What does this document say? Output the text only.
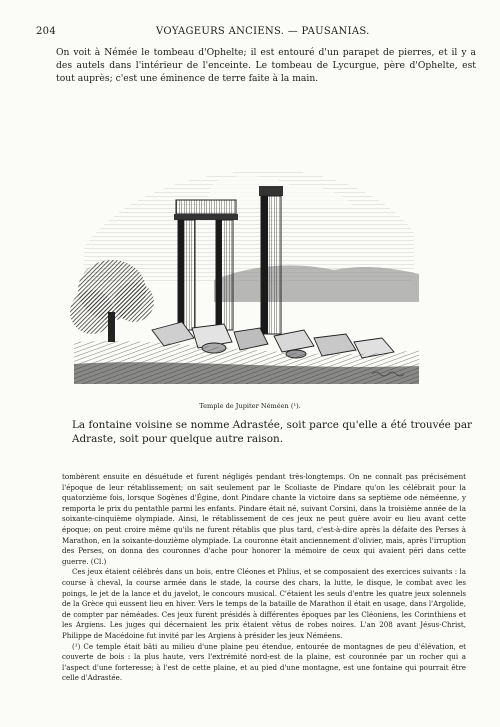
204	VOYAGEURS ANCIENS. — PAUSANIAS.
On voit à Némée le tombeau d'Ophelte; il est entouré d'un parapet de pierres, et il y a des autels dans l'intérieur de l'enceinte. Le tombeau de Lycurgue, père d'Ophelte, est tout auprès; c'est une éminence de terre faite à la main.
Temple de Jupiter Néméen (¹).
La fontaine voisine se nomme Adrastée, soit parce qu'elle a été trouvée par Adraste, soit pour quelque autre raison.

tombèrent ensuite en désuétude et furent négligés pendant très-longtemps. On ne connaît pas précisément l'époque de leur rétablissement; on sait seulement par le Scoliaste de Pindare qu'on les célébrait pour la quatorzième fois, lorsque Sogènes d'Égine, dont Pindare chante la victoire dans sa septième ode néméenne, y remporta le prix du pentathle parmi les enfants. Pindare était né, suivant Corsini, dans la troisième année de la soixante-cinquième olympiade. Ainsi, le rétablissement de ces jeux ne peut guère avoir eu lieu avant cette époque; on peut croire même qu'ils ne furent rétablis que plus tard, c'est-à-dire après la défaite des Perses à Marathon, en la soixante-douzième olympiade. La couronne était anciennement d'olivier, mais, après l'irruption des Perses, on donna des couronnes d'ache pour honorer la mémoire de ceux qui avaient péri dans cette guerre. (Cl.)

Ces jeux étaient célébrés dans un bois, entre Cléones et Phlius, et se composaient des exercices suivants : la course à cheval, la course armée dans le stade, la course des chars, la lutte, le disque, le combat avec les poings, le jet de la lance et du javelot, le concours musical. C'étaient les seuls d'entre les quatre jeux solennels de la Grèce qui eussent lieu en hiver. Vers le temps de la bataille de Marathon il était en usage, dans l'Argolide, de compter par néméades. Ces jeux furent présidés à différentes époques par les Cléoniens, les Corinthiens et les Argiens. Les juges qui décernaient les prix étaient vêtus de robes noires. L'an 208 avant Jésus-Christ, Philippe de Macédoine fut invité par les Argiens à présider les jeux Néméens.

(¹) Ce temple était bâti au milieu d'une plaine peu étendue, entourée de montagnes de peu d'élévation, et couverte de bois : la plus haute, vers l'extrémité nord-est de la plaine, est couronnée par un rocher qui a l'aspect d'une forteresse; à l'est de cette plaine, et au pied d'une montagne, est une fontaine qui pourrait être celle d'Adrastée.
